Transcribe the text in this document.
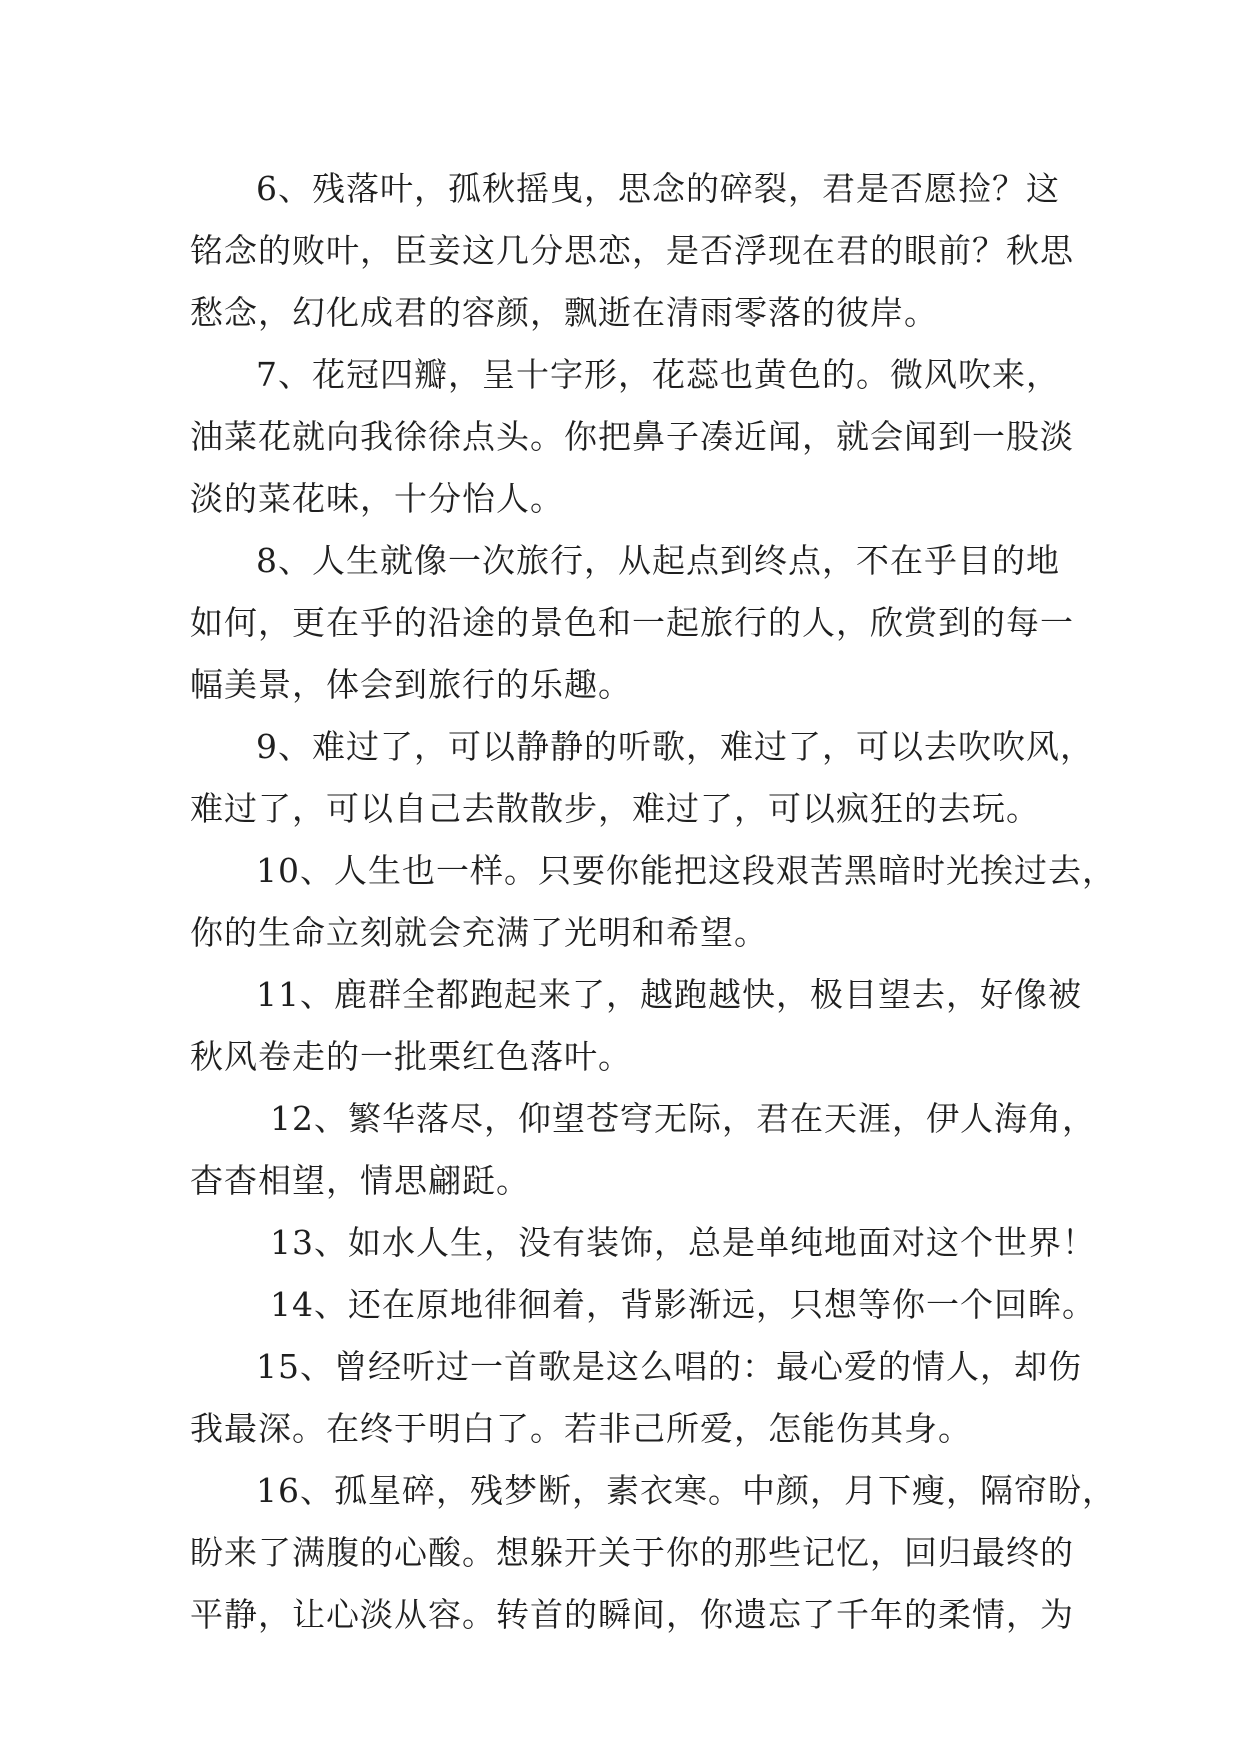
6、残落叶，孤秋摇曳，思念的碎裂，君是否愿捡？这
铭念的败叶，臣妾这几分思恋，是否浮现在君的眼前？秋思
愁念，幻化成君的容颜，飘逝在清雨零落的彼岸。
7、花冠四瓣，呈十字形，花蕊也黄色的。微风吹来，
油菜花就向我徐徐点头。你把鼻子凑近闻，就会闻到一股淡
淡的菜花味，十分怡人。
8、人生就像一次旅行，从起点到终点，不在乎目的地
如何，更在乎的沿途的景色和一起旅行的人，欣赏到的每一
幅美景，体会到旅行的乐趣。
9、难过了，可以静静的听歌，难过了，可以去吹吹风，
难过了，可以自己去散散步，难过了，可以疯狂的去玩。
10、人生也一样。只要你能把这段艰苦黑暗时光挨过去，
你的生命立刻就会充满了光明和希望。
11、鹿群全都跑起来了，越跑越快，极目望去，好像被
秋风卷走的一批栗红色落叶。
12、繁华落尽，仰望苍穹无际，君在天涯，伊人海角，
杳杳相望，情思翩跹。
13、如水人生，没有装饰，总是单纯地面对这个世界！
14、还在原地徘徊着，背影渐远，只想等你一个回眸。
15、曾经听过一首歌是这么唱的：最心爱的情人，却伤
我最深。在终于明白了。若非己所爱，怎能伤其身。
16、孤星碎，残梦断，素衣寒。中颜，月下瘦，隔帘盼，
盼来了满腹的心酸。想躲开关于你的那些记忆，回归最终的
平静，让心淡从容。转首的瞬间，你遗忘了千年的柔情，为
